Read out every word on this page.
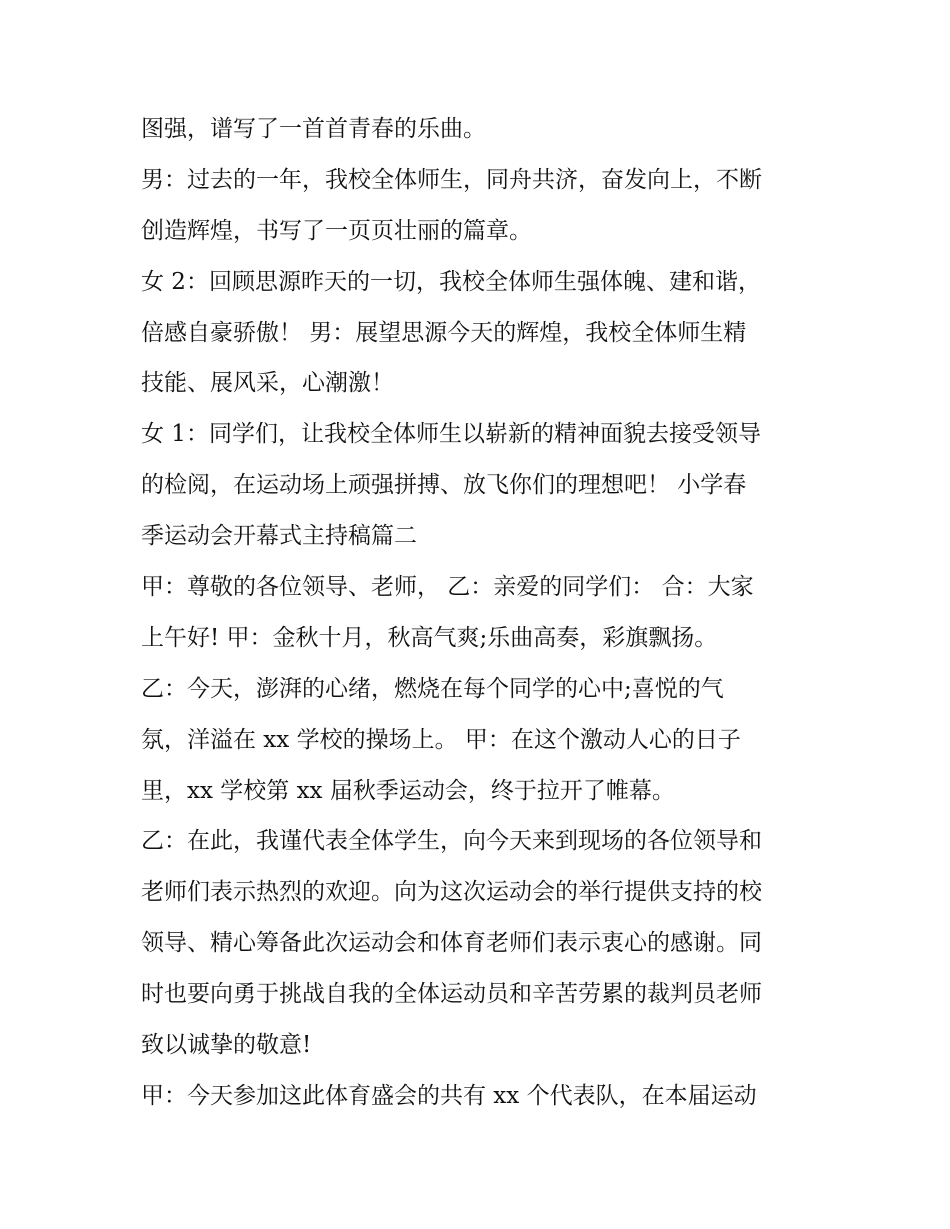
图强，谱写了一首首青春的乐曲。
男：过去的一年，我校全体师生，同舟共济，奋发向上，不断
创造辉煌，书写了一页页壮丽的篇章。
女 2：回顾思源昨天的一切，我校全体师生强体魄、建和谐，
倍感自豪骄傲！ 男：展望思源今天的辉煌，我校全体师生精
技能、展风采，心潮激！
女 1：同学们，让我校全体师生以崭新的精神面貌去接受领导
的检阅，在运动场上顽强拼搏、放飞你们的理想吧！ 小学春
季运动会开幕式主持稿篇二
甲：尊敬的各位领导、老师， 乙：亲爱的同学们： 合：大家
上午好! 甲：金秋十月，秋高气爽;乐曲高奏，彩旗飘扬。
乙：今天，澎湃的心绪，燃烧在每个同学的心中;喜悦的气
氛，洋溢在 xx 学校的操场上。 甲：在这个激动人心的日子
里，xx 学校第 xx 届秋季运动会，终于拉开了帷幕。
乙：在此，我谨代表全体学生，向今天来到现场的各位领导和
老师们表示热烈的欢迎。向为这次运动会的举行提供支持的校
领导、精心筹备此次运动会和体育老师们表示衷心的感谢。同
时也要向勇于挑战自我的全体运动员和辛苦劳累的裁判员老师
致以诚挚的敬意!
甲：今天参加这此体育盛会的共有 xx 个代表队，在本届运动
